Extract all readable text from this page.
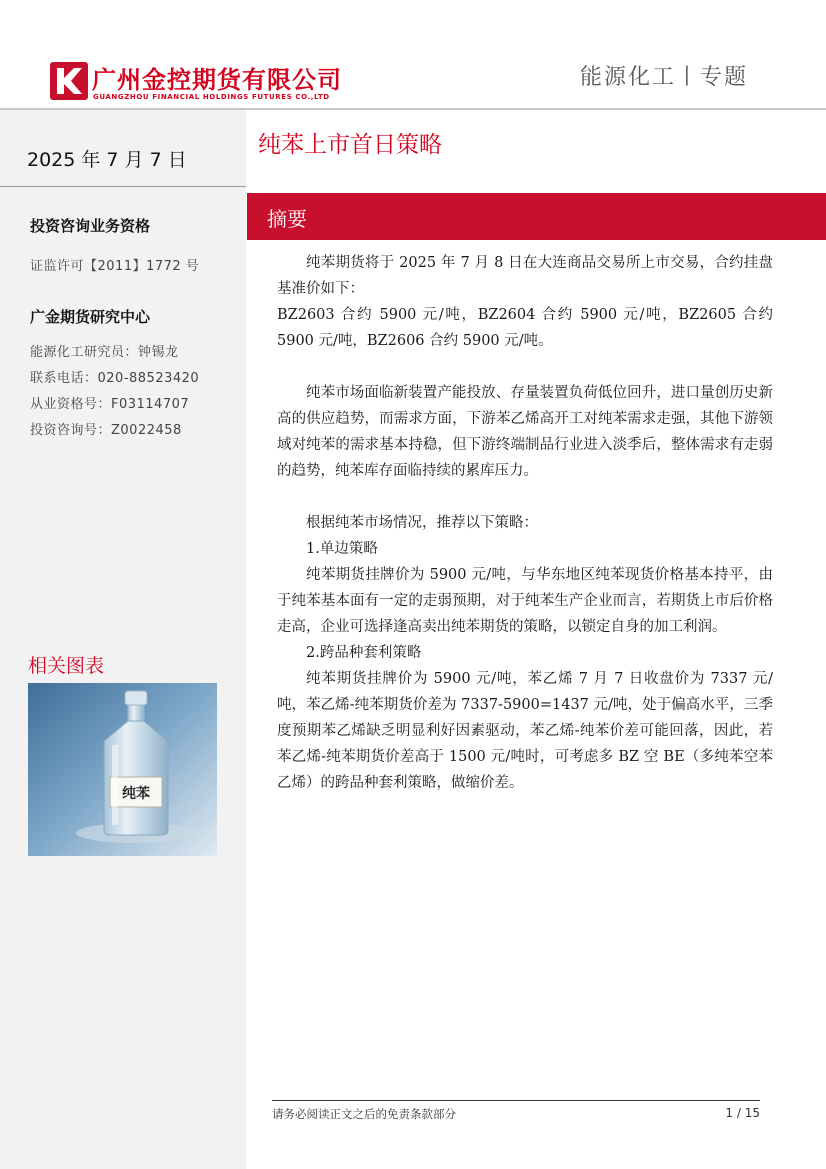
广州金控期货有限公司
GUANGZHOU FINANCIAL HOLDINGS FUTURES CO.,LTD
能源化工丨专题
2025 年 7 月 7 日
投资咨询业务资格
证监许可【2011】1772 号
广金期货研究中心
能源化工研究员：钟锡龙
联系电话：020-88523420
从业资格号：F03114707
投资咨询号：Z0022458
相关图表
纯苯
纯苯上市首日策略
摘要

纯苯期货将于 2025 年 7 月 8 日在大连商品交易所上市交易，合约挂盘基准价如下：

BZ2603 合约 5900 元/吨，BZ2604 合约 5900 元/吨，BZ2605 合约 5900 元/吨，BZ2606 合约 5900 元/吨。

纯苯市场面临新装置产能投放、存量装置负荷低位回升，进口量创历史新高的供应趋势，而需求方面，下游苯乙烯高开工对纯苯需求走强，其他下游领域对纯苯的需求基本持稳，但下游终端制品行业进入淡季后，整体需求有走弱的趋势，纯苯库存面临持续的累库压力。

根据纯苯市场情况，推荐以下策略：

1.单边策略

纯苯期货挂牌价为 5900 元/吨，与华东地区纯苯现货价格基本持平，由于纯苯基本面有一定的走弱预期，对于纯苯生产企业而言，若期货上市后价格走高，企业可选择逢高卖出纯苯期货的策略，以锁定自身的加工利润。

2.跨品种套利策略

纯苯期货挂牌价为 5900 元/吨，苯乙烯 7 月 7 日收盘价为 7337 元/吨，苯乙烯-纯苯期货价差为 7337-5900=1437 元/吨，处于偏高水平，三季度预期苯乙烯缺乏明显利好因素驱动，苯乙烯-纯苯价差可能回落，因此，若苯乙烯-纯苯期货价差高于 1500 元/吨时，可考虑多 BZ 空 BE（多纯苯空苯乙烯）的跨品种套利策略，做缩价差。

请务必阅读正文之后的免责条款部分	1 / 15
